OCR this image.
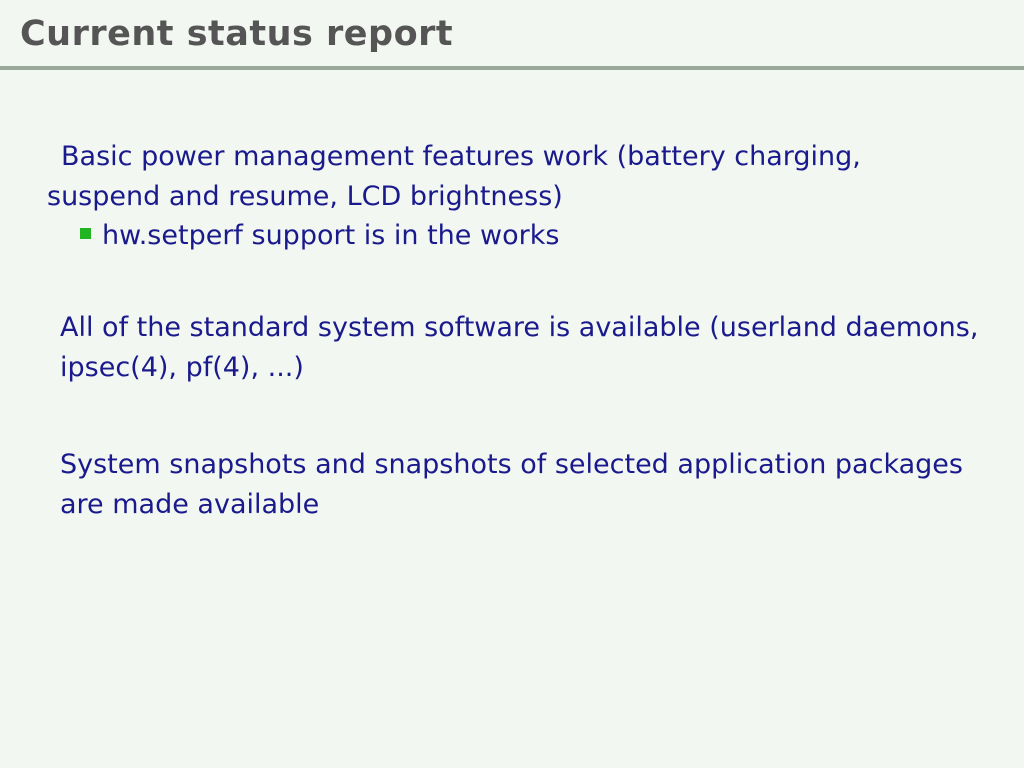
Current status report
Basic power management features work (battery charging, suspend and resume, LCD brightness)
hw.setperf support is in the works
All of the standard system software is available (userland daemons, ipsec(4), pf(4), ...)
System snapshots and snapshots of selected application packages are made available
